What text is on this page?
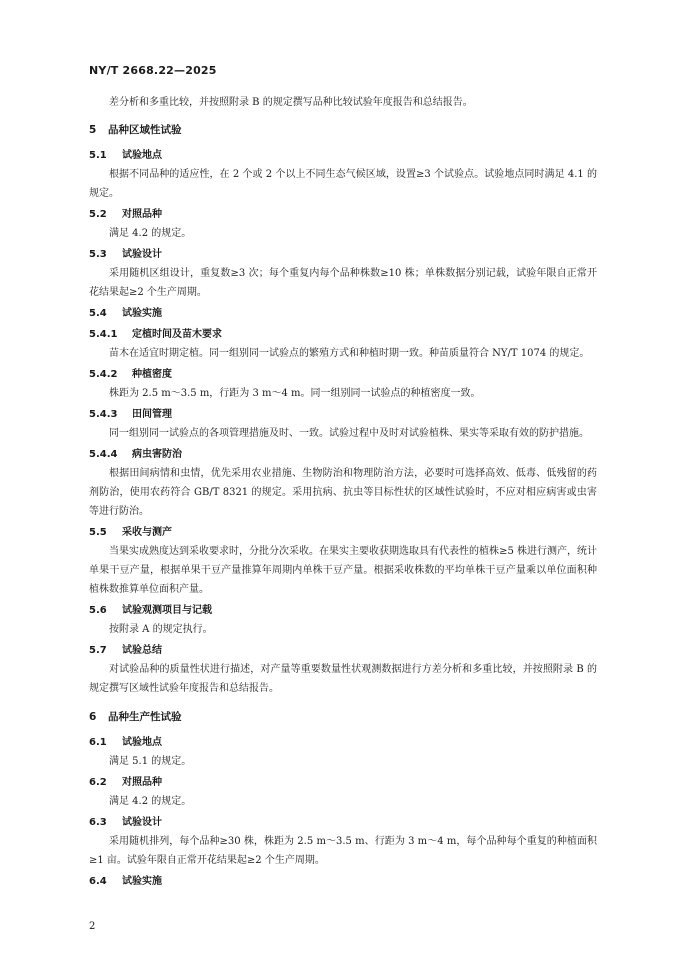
NY/T 2668.22—2025

差分析和多重比较，并按照附录 B 的规定撰写品种比较试验年度报告和总结报告。

5 品种区域性试验
5.1 试验地点

根据不同品种的适应性，在 2 个或 2 个以上不同生态气候区域，设置≥3 个试验点。试验地点同时满足 4.1 的规定。

5.2 对照品种

满足 4.2 的规定。

5.3 试验设计

采用随机区组设计，重复数≥3 次；每个重复内每个品种株数≥10 株；单株数据分别记载，试验年限自正常开花结果起≥2 个生产周期。

5.4 试验实施
5.4.1 定植时间及苗木要求

苗木在适宜时期定植。同一组别同一试验点的繁殖方式和种植时期一致。种苗质量符合 NY/T 1074 的规定。

5.4.2 种植密度

株距为 2.5 m～3.5 m，行距为 3 m～4 m。同一组别同一试验点的种植密度一致。

5.4.3 田间管理

同一组别同一试验点的各项管理措施及时、一致。试验过程中及时对试验植株、果实等采取有效的防护措施。

5.4.4 病虫害防治

根据田间病情和虫情，优先采用农业措施、生物防治和物理防治方法，必要时可选择高效、低毒、低残留的药剂防治，使用农药符合 GB/T 8321 的规定。采用抗病、抗虫等目标性状的区域性试验时，不应对相应病害或虫害等进行防治。

5.5 采收与测产

当果实成熟度达到采收要求时，分批分次采收。在果实主要收获期选取具有代表性的植株≥5 株进行测产，统计单果干豆产量，根据单果干豆产量推算年周期内单株干豆产量。根据采收株数的平均单株干豆产量乘以单位面积种植株数推算单位面积产量。

5.6 试验观测项目与记载

按附录 A 的规定执行。

5.7 试验总结

对试验品种的质量性状进行描述，对产量等重要数量性状观测数据进行方差分析和多重比较，并按照附录 B 的规定撰写区域性试验年度报告和总结报告。

6 品种生产性试验
6.1 试验地点

满足 5.1 的规定。

6.2 对照品种

满足 4.2 的规定。

6.3 试验设计

采用随机排列，每个品种≥30 株，株距为 2.5 m～3.5 m、行距为 3 m～4 m，每个品种每个重复的种植面积≥1 亩。试验年限自正常开花结果起≥2 个生产周期。

6.4 试验实施
2
